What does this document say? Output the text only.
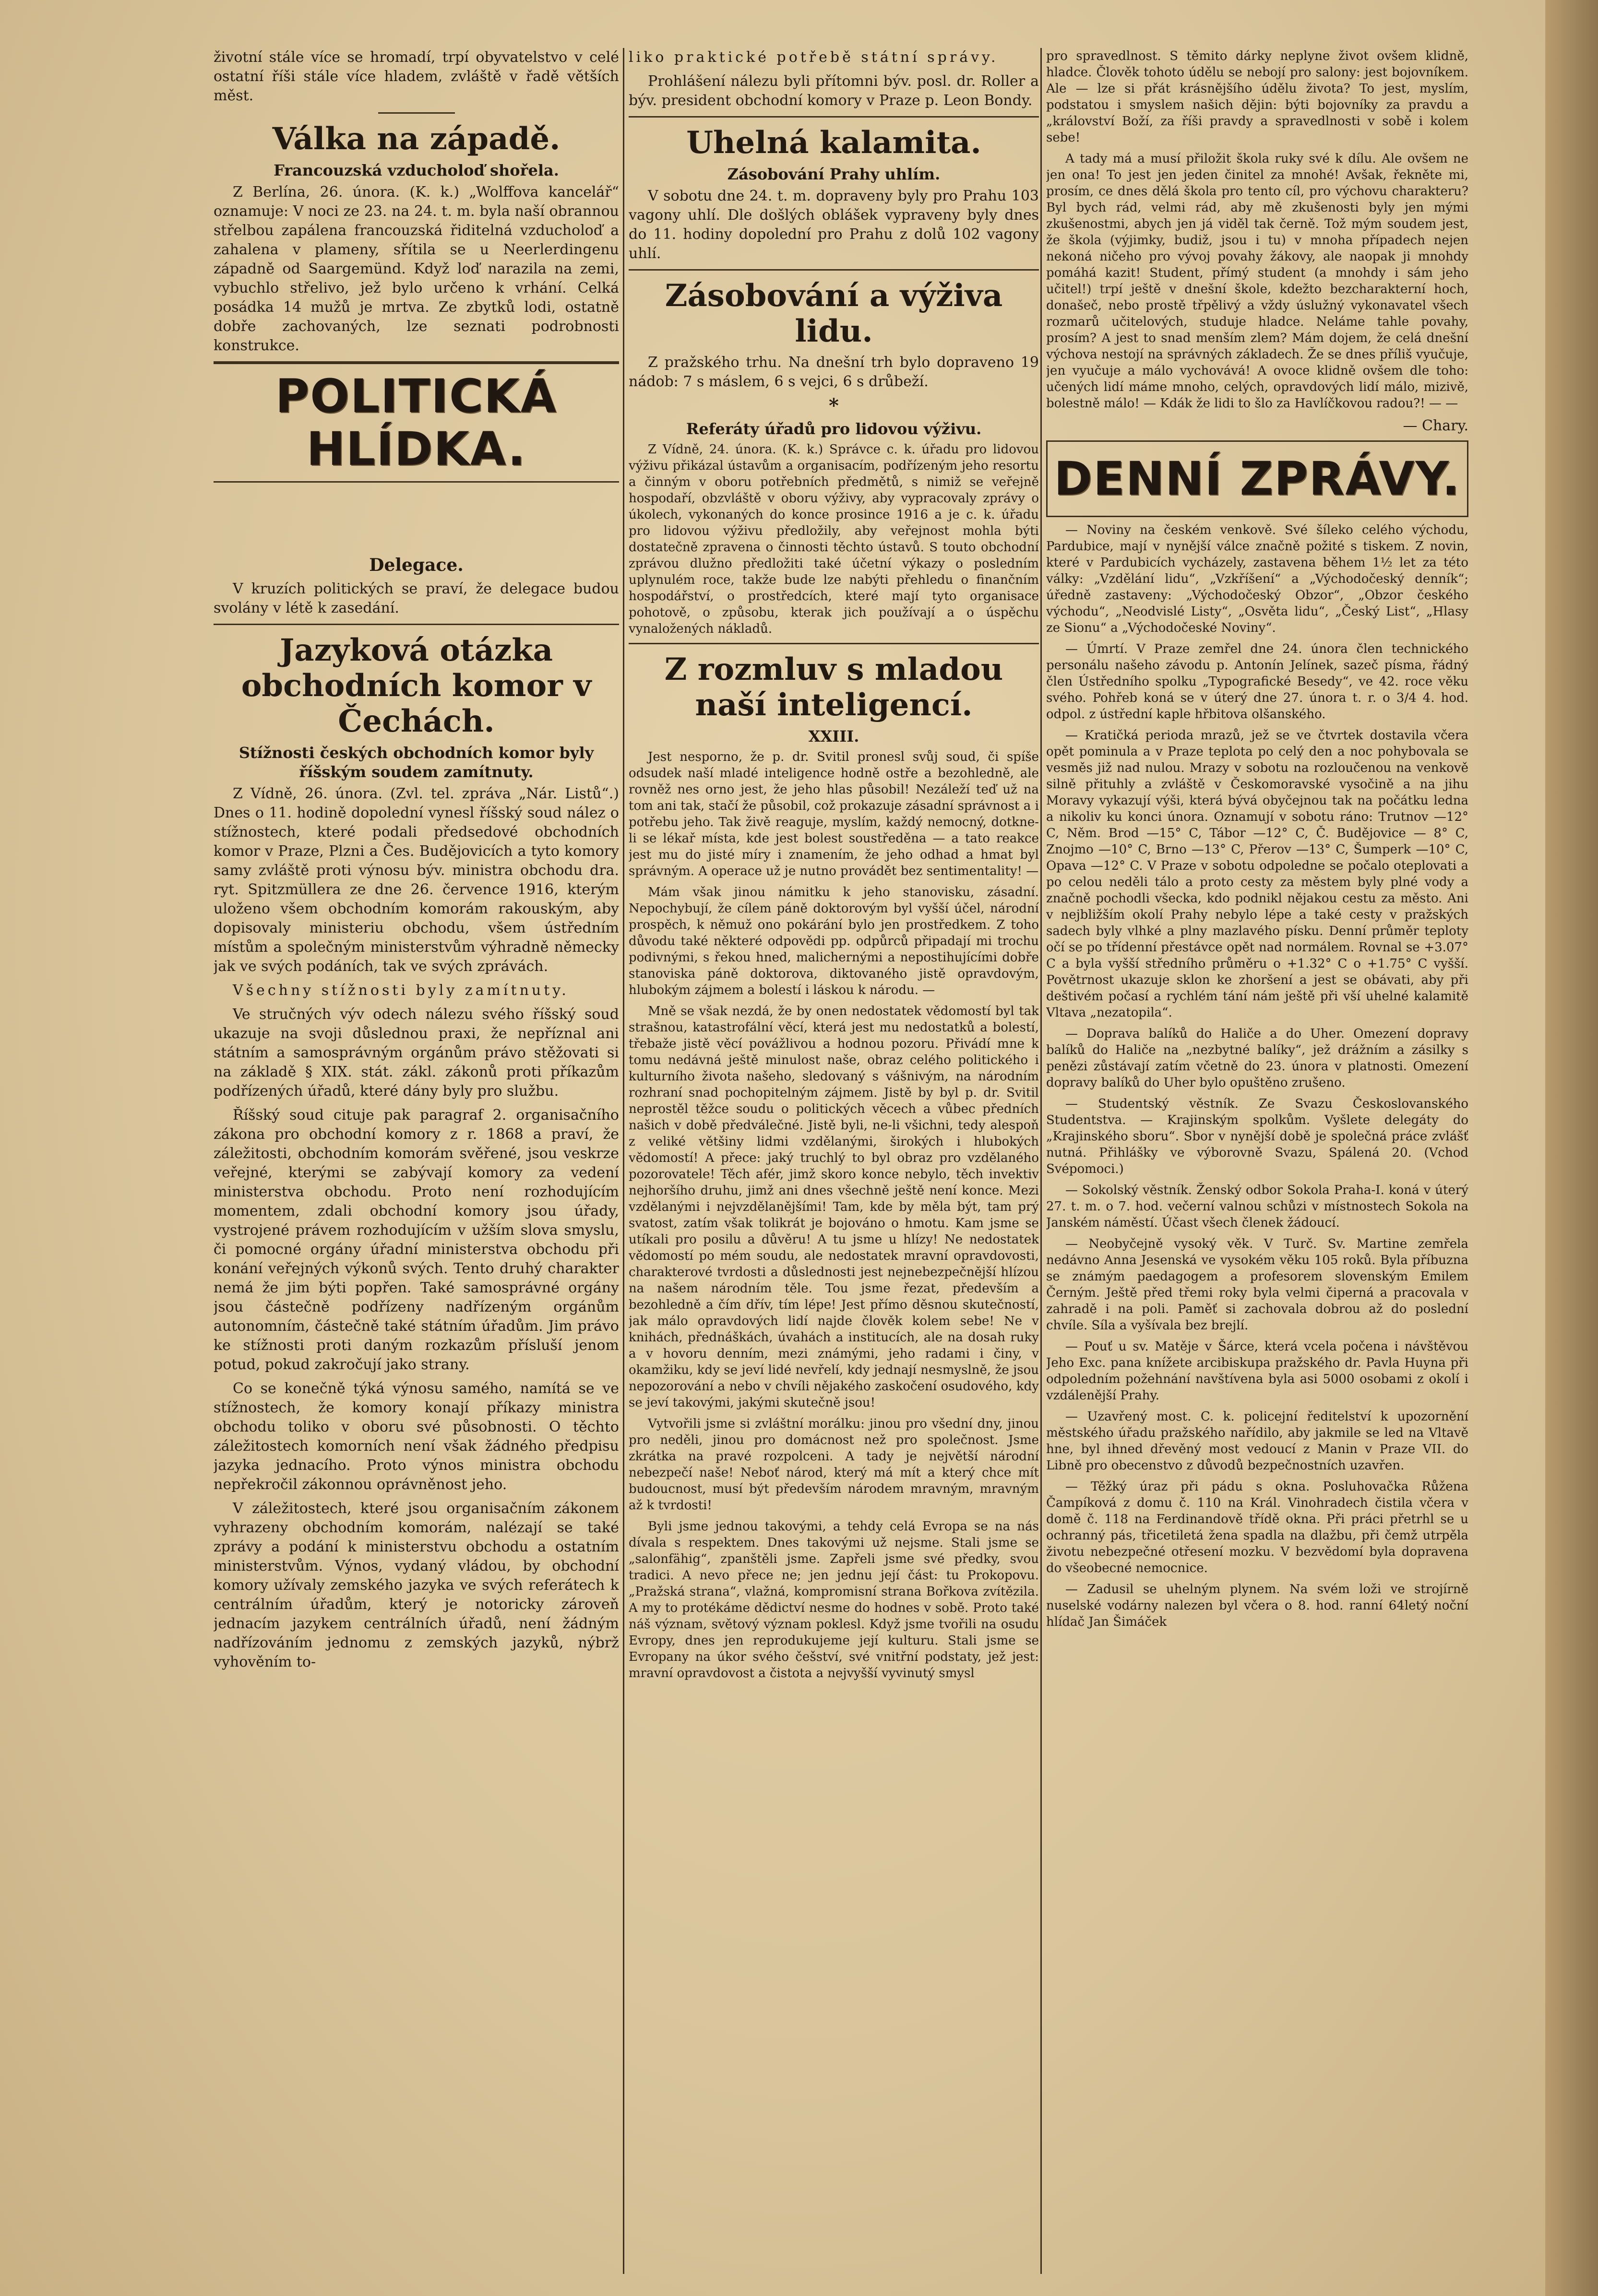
životní stále více se hromadí, trpí obyvatelstvo v celé ostatní říši stále více hladem, zvláště v řadě větších měst.

Válka na západě.
Francouzská vzducholoď shořela.

Z Berlína, 26. února. (K. k.) „Wolffova kancelář“ oznamuje: V noci ze 23. na 24. t. m. byla naší obrannou střelbou zapálena francouzská řiditelná vzducholoď a zahalena v plameny, sřítila se u Neerlerdingenu západně od Saargemünd. Když loď narazila na zemi, vybuchlo střelivo, jež bylo určeno k vrhání. Celká posádka 14 mužů je mrtva. Ze zbytků lodi, ostatně dobře zachovaných, lze seznati podrobnosti konstrukce.

POLITICKÁ HLÍDKA.
Delegace.

V kruzích politických se praví, že delegace budou svolány v létě k zasedání.

Jazyková otázka obchodních komor v Čechách.
Stížnosti českých obchodních komor byly říšským soudem zamítnuty.

Z Vídně, 26. února. (Zvl. tel. zpráva „Nár. Listů“.) Dnes o 11. hodině dopolední vynesl říšský soud nález o stížnostech, které podali předsedové obchodních komor v Praze, Plzni a Čes. Budějovicích a tyto komory samy zvláště proti výnosu býv. ministra obchodu dra. ryt. Spitzmüllera ze dne 26. července 1916, kterým uloženo všem obchodním komorám rakouským, aby dopisovaly ministeriu obchodu, všem ústředním místům a společným ministerstvům výhradně německy jak ve svých podáních, tak ve svých zprávách.

Všechny stížnosti byly zamítnuty.

Ve stručných výv odech nálezu svého říšský soud ukazuje na svoji důslednou praxi, že nepříznal ani státním a samosprávným orgánům právo stěžovati si na základě § XIX. stát. zákl. zákonů proti příkazům podřízených úřadů, které dány byly pro službu.

Říšský soud cituje pak paragraf 2. organisačního zákona pro obchodní komory z r. 1868 a praví, že záležitosti, obchodním komorám svěřené, jsou veskrze veřejné, kterými se zabývají komory za vedení ministerstva obchodu. Proto není rozhodujícím momentem, zdali obchodní komory jsou úřady, vystrojené právem rozhodujícím v užším slova smyslu, či pomocné orgány úřadní ministerstva obchodu při konání veřejných výkonů svých. Tento druhý charakter nemá že jim býti popřen. Také samosprávné orgány jsou částečně podřízeny nadřízeným orgánům autonomním, částečně také státním úřadům. Jim právo ke stížnosti proti daným rozkazům přísluší jenom potud, pokud zakročují jako strany.

Co se konečně týká výnosu samého, namítá se ve stížnostech, že komory konají příkazy ministra obchodu toliko v oboru své působnosti. O těchto záležitostech komorních není však žádného předpisu jazyka jednacího. Proto výnos ministra obchodu nepřekročil zákonnou oprávněnost jeho.

V záležitostech, které jsou organisačním zákonem vyhrazeny obchodním komorám, nalézají se také zprávy a podání k ministerstvu obchodu a ostatním ministerstvům. Výnos, vydaný vládou, by obchodní komory užívaly zemského jazyka ve svých referátech k centrálním úřadům, který je notoricky zároveň jednacím jazykem centrálních úřadů, není žádným nadřízováním jednomu z zemských jazyků, nýbrž vyhověním to-

liko praktické potřebě státní správy.

Prohlášení nálezu byli přítomni býv. posl. dr. Roller a býv. president obchodní komory v Praze p. Leon Bondy.

Uhelná kalamita.
Zásobování Prahy uhlím.

V sobotu dne 24. t. m. dopraveny byly pro Prahu 103 vagony uhlí. Dle došlých oblášek vypraveny byly dnes do 11. hodiny dopolední pro Prahu z dolů 102 vagony uhlí.

Zásobování a výživa lidu.

Z pražského trhu. Na dnešní trh bylo dopraveno 19 nádob: 7 s máslem, 6 s vejci, 6 s drůbeží.

*
Referáty úřadů pro lidovou výživu.

Z Vídně, 24. února. (K. k.) Správce c. k. úřadu pro lidovou výživu přikázal ústavům a organisacím, podřízeným jeho resortu a činným v oboru potřebních předmětů, s nimiž se veřejně hospodaří, obzvláště v oboru výživy, aby vypracovaly zprávy o úkolech, vykonaných do konce prosince 1916 a je c. k. úřadu pro lidovou výživu předložily, aby veřejnost mohla býti dostatečně zpravena o činnosti těchto ústavů. S touto obchodní zprávou dlužno předložiti také účetní výkazy o posledním uplynulém roce, takže bude lze nabýti přehledu o finančním hospodářství, o prostředcích, které mají tyto organisace pohotově, o způsobu, kterak jich používají a o úspěchu vynaložených nákladů.

Z rozmluv s mladou naší inteligencí.
XXIII.

Jest nesporno, že p. dr. Svitil pronesl svůj soud, či spíše odsudek naší mladé inteligence hodně ostře a bezohledně, ale rovněž nes orno jest, že jeho hlas působil! Nezáleží teď už na tom ani tak, stačí že působil, což prokazuje zásadní správnost a i potřebu jeho. Tak živě reaguje, myslím, každý nemocný, dotkne-li se lékař místa, kde jest bolest soustředěna — a tato reakce jest mu do jisté míry i znamením, že jeho odhad a hmat byl správným. A operace už je nutno provádět bez sentimentality! —

Mám však jinou námitku k jeho stanovisku, zásadní. Nepochybují, že cílem páně doktorovým byl vyšší účel, národní prospěch, k němuž ono pokárání bylo jen prostředkem. Z toho důvodu také některé odpovědi pp. odpůrců připadají mi trochu podivnými, s řekou hned, malichernými a nepostihujícími dobře stanoviska páně doktorova, diktovaného jistě opravdovým, hlubokým zájmem a bolestí i láskou k národu. —

Mně se však nezdá, že by onen nedostatek vědomostí byl tak strašnou, katastrofální věcí, která jest mu nedostatků a bolestí, třebaže jistě věcí povážlivou a hodnou pozoru. Přivádí mne k tomu nedávná ještě minulost naše, obraz celého politického i kulturního života našeho, sledovaný s vášnivým, na národním rozhraní snad pochopitelným zájmem. Jistě by byl p. dr. Svitil neprostěl těžce soudu o politických věcech a vůbec předních našich v době předválečné. Jistě byli, ne-li všichni, tedy alespoň z veliké většiny lidmi vzdělanými, širokých i hlubokých vědomostí! A přece: jaký truchlý to byl obraz pro vzdělaného pozorovatele! Těch afér, jimž skoro konce nebylo, těch invektiv nejhoršího druhu, jimž ani dnes všechně ještě není konce. Mezi vzdělanými i nejvzdělanějšími! Tam, kde by měla být, tam prý svatost, zatím však tolikrát je bojováno o hmotu. Kam jsme se utíkali pro posilu a důvěru! A tu jsme u hlízy! Ne nedostatek vědomostí po mém soudu, ale nedostatek mravní opravdovosti, charakterové tvrdosti a důslednosti jest nejnebezpečnější hlízou na našem národním těle. Tou jsme řezat, především a bezohledně a čím dřív, tím lépe! Jest přímo děsnou skutečností, jak málo opravdových lidí najde člověk kolem sebe! Ne v knihách, přednáškách, úvahách a institucích, ale na dosah ruky a v hovoru denním, mezi známými, jeho radami i činy, v okamžiku, kdy se jeví lidé nevřelí, kdy jednají nesmyslně, že jsou nepozorování a nebo v chvíli nějakého zaskočení osudového, kdy se jeví takovými, jakými skutečně jsou!

Vytvořili jsme si zvláštní morálku: jinou pro všední dny, jinou pro neděli, jinou pro domácnost než pro společnost. Jsme zkrátka na pravé rozpolceni. A tady je největší národní nebezpečí naše! Neboť národ, který má mít a který chce mít budoucnost, musí být především národem mravným, mravným až k tvrdosti!

Byli jsme jednou takovými, a tehdy celá Evropa se na nás dívala s respektem. Dnes takovými už nejsme. Stali jsme se „salonfähig“, zpanštěli jsme. Zapřeli jsme své předky, svou tradici. A nevo přece ne; jen jednu její část: tu Prokopovu. „Pražská strana“, vlažná, kompromisní strana Bořkova zvítězila. A my to protékáme dědictví nesme do hodnes v sobě. Proto také náš význam, světový význam poklesl. Když jsme tvořili na osudu Evropy, dnes jen reprodukujeme její kulturu. Stali jsme se Evropany na úkor svého češství, své vnitřní podstaty, jež jest: mravní opravdovost a čistota a nejvyšší vyvinutý smysl

pro spravedlnost. S těmito dárky neplyne život ovšem klidně, hladce. Člověk tohoto údělu se nebojí pro salony: jest bojovníkem. Ale — lze si přát krásnějšího údělu života? To jest, myslím, podstatou i smyslem našich dějin: býti bojovníky za pravdu a „království Boží, za říši pravdy a spravedlnosti v sobě i kolem sebe!

A tady má a musí přiložit škola ruky své k dílu. Ale ovšem ne jen ona! To jest jen jeden činitel za mnohé! Avšak, řekněte mi, prosím, ce dnes dělá škola pro tento cíl, pro výchovu charakteru? Byl bych rád, velmi rád, aby mě zkušenosti byly jen mými zkušenostmi, abych jen já viděl tak černě. Tož mým soudem jest, že škola (výjimky, budiž, jsou i tu) v mnoha případech nejen nekoná ničeho pro vývoj povahy žákovy, ale naopak ji mnohdy pomáhá kazit! Student, přímý student (a mnohdy i sám jeho učitel!) trpí ještě v dnešní škole, kdežto bezcharakterní hoch, donašeč, nebo prostě třpělivý a vždy úslužný vykonavatel všech rozmarů učitelových, studuje hladce. Neláme tahle povahy, prosím? A jest to snad menším zlem? Mám dojem, že celá dnešní výchova nestojí na správných základech. Že se dnes příliš vyučuje, jen vyučuje a málo vychovává! A ovoce klidně ovšem dle toho: učených lidí máme mnoho, celých, opravdových lidí málo, mizivě, bolestně málo! — Kdák že lidi to šlo za Havlíčkovou radou?! — —

— Chary.

DENNÍ ZPRÁVY.

— Noviny na českém venkově. Své šíleko celého východu, Pardubice, mají v nynější válce značně požité s tiskem. Z novin, které v Pardubicích vycházely, zastavena během 1½ let za této války: „Vzdělání lidu“, „Vzkříšení“ a „Východočeský denník“; úředně zastaveny: „Východočeský Obzor“, „Obzor českého východu“, „Neodvislé Listy“, „Osvěta lidu“, „Český List“, „Hlasy ze Sionu“ a „Východočeské Noviny“.

— Úmrtí. V Praze zemřel dne 24. února člen technického personálu našeho závodu p. Antonín Jelínek, sazeč písma, řádný člen Ústředního spolku „Typografické Besedy“, ve 42. roce věku svého. Pohřeb koná se v úterý dne 27. února t. r. o 3/4 4. hod. odpol. z ústřední kaple hřbitova olšanského.

— Kratičká perioda mrazů, jež se ve čtvrtek dostavila včera opět pominula a v Praze teplota po celý den a noc pohybovala se vesměs již nad nulou. Mrazy v sobotu na rozloučenou na venkově silně přituhly a zvláště v Českomoravské vysočině a na jihu Moravy vykazují výši, která bývá obyčejnou tak na počátku ledna a nikoliv ku konci února. Oznamují v sobotu ráno: Trutnov —12° C, Něm. Brod —15° C, Tábor —12° C, Č. Budějovice — 8° C, Znojmo —10° C, Brno —13° C, Přerov —13° C, Šumperk —10° C, Opava —12° C. V Praze v sobotu odpoledne se počalo oteplovati a po celou neděli tálo a proto cesty za městem byly plné vody a značně pochodli všecka, kdo podnikl nějakou cestu za město. Ani v nejbližším okolí Prahy nebylo lépe a také cesty v pražských sadech byly vlhké a plny mazlavého písku. Denní průměr teploty očí se po třídenní přestávce opět nad normálem. Rovnal se +3.07° C a byla vyšší středního průměru o +1.32° C o +1.75° C vyšší. Povětrnost ukazuje sklon ke zhoršení a jest se obávati, aby při deštivém počasí a rychlém tání nám ještě při vší uhelné kalamitě Vltava „nezatopila“.

— Doprava balíků do Haliče a do Uher. Omezení dopravy balíků do Haliče na „nezbytné balíky“, jež drážním a zásilky s penězi zůstávají zatím včetně do 23. února v platnosti. Omezení dopravy balíků do Uher bylo opuštěno zrušeno.

— Studentský věstník. Ze Svazu Českoslovanského Studentstva. — Krajinským spolkům. Vyšlete delegáty do „Krajinského sboru“. Sbor v nynější době je společná práce zvlášť nutná. Přihlášky ve výborovně Svazu, Spálená 20. (Vchod Svépomoci.)

— Sokolský věstník. Ženský odbor Sokola Praha-I. koná v úterý 27. t. m. o 7. hod. večerní valnou schůzi v místnostech Sokola na Janském náměstí. Účast všech členek žádoucí.

— Neobyčejně vysoký věk. V Turč. Sv. Martine zemřela nedávno Anna Jesenská ve vysokém věku 105 roků. Byla příbuzna se známým paedagogem a profesorem slovenským Emilem Černým. Ještě před třemi roky byla velmi čiperná a pracovala v zahradě i na poli. Paměť si zachovala dobrou až do poslední chvíle. Síla a vyšívala bez brejlí.

— Pouť u sv. Matěje v Šárce, která vcela počena i návštěvou Jeho Exc. pana knížete arcibiskupa pražského dr. Pavla Huyna při odpoledním požehnání navštívena byla asi 5000 osobami z okolí i vzdálenější Prahy.

— Uzavřený most. C. k. policejní ředitelství k upozornění městského úřadu pražského nařídilo, aby jakmile se led na Vltavě hne, byl ihned dřevěný most vedoucí z Manin v Praze VII. do Libně pro obecenstvo z důvodů bezpečnostních uzavřen.

— Těžký úraz při pádu s okna. Posluhovačka Růžena Čampíková z domu č. 110 na Král. Vinohradech čistila včera v domě č. 118 na Ferdinandově třídě okna. Při práci přetrhl se u ochranný pás, třicetiletá žena spadla na dlažbu, při čemž utrpěla životu nebezpečné otřesení mozku. V bezvědomí byla dopravena do všeobecné nemocnice.

— Zadusil se uhelným plynem. Na svém loži ve strojírně nuselské vodárny nalezen byl včera o 8. hod. ranní 64letý noční hlídač Jan Šimáček
